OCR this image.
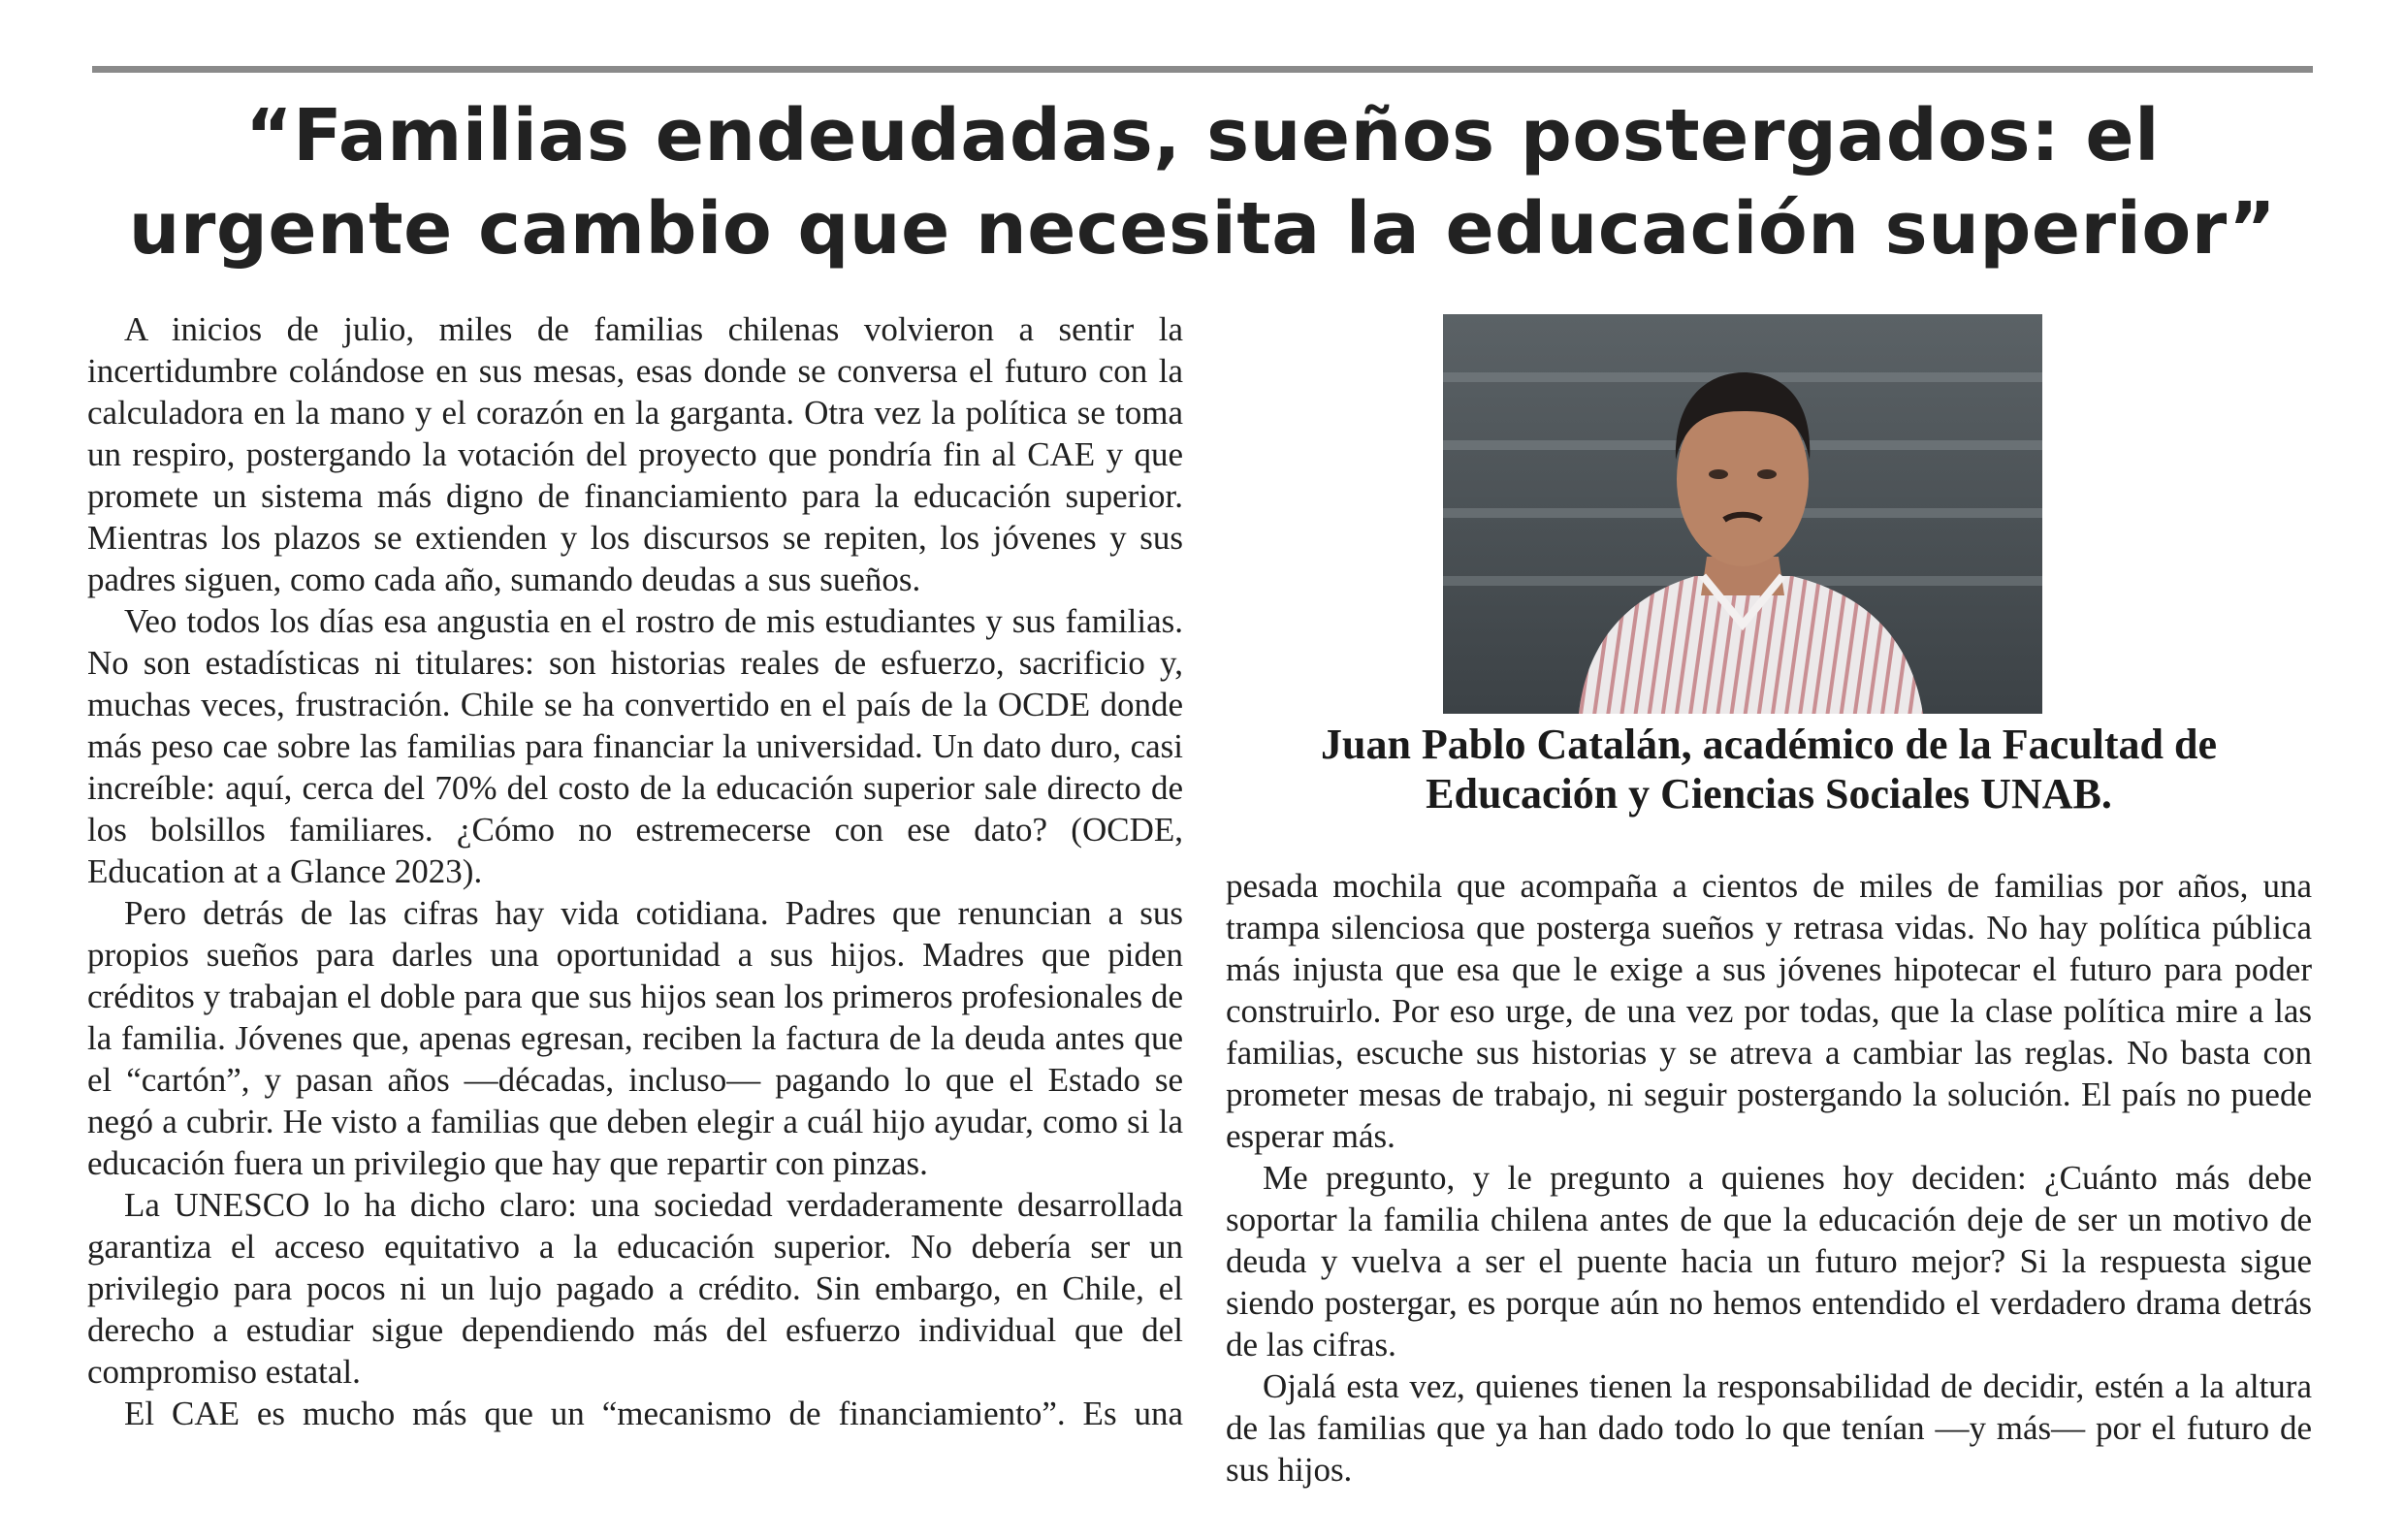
“Familias endeudadas, sueños postergados: el urgente cambio que necesita la educación superior”

A inicios de julio, miles de familias chilenas volvieron a sentir la incertidumbre colándose en sus mesas, esas donde se conversa el futuro con la calculadora en la mano y el corazón en la garganta. Otra vez la política se toma un respiro, postergando la votación del proyecto que pondría fin al CAE y que promete un sistema más digno de financiamiento para la educación superior. Mientras los plazos se extienden y los discursos se repiten, los jóvenes y sus padres siguen, como cada año, sumando deudas a sus sueños.

Veo todos los días esa angustia en el rostro de mis estudiantes y sus familias. No son estadísticas ni titulares: son historias reales de esfuerzo, sacrificio y, muchas veces, frustración. Chile se ha convertido en el país de la OCDE donde más peso cae sobre las familias para financiar la universidad. Un dato duro, casi increíble: aquí, cerca del 70% del costo de la educación superior sale directo de los bolsillos familiares. ¿Cómo no estremecerse con ese dato? (OCDE, Education at a Glance 2023).

Pero detrás de las cifras hay vida cotidiana. Padres que renuncian a sus propios sueños para darles una oportunidad a sus hijos. Madres que piden créditos y trabajan el doble para que sus hijos sean los primeros profesionales de la familia. Jóvenes que, apenas egresan, reciben la factura de la deuda antes que el “cartón”, y pasan años —décadas, incluso— pagando lo que el Estado se negó a cubrir. He visto a familias que deben elegir a cuál hijo ayudar, como si la educación fuera un privilegio que hay que repartir con pinzas.

La UNESCO lo ha dicho claro: una sociedad verdaderamente desarrollada garantiza el acceso equitativo a la educación superior. No debería ser un privilegio para pocos ni un lujo pagado a crédito. Sin embargo, en Chile, el derecho a estudiar sigue dependiendo más del esfuerzo individual que del compromiso estatal.

El CAE es mucho más que un “mecanismo de financiamiento”. Es una

Juan Pablo Catalán, académico de la Facultad de Educación y Ciencias Sociales UNAB.

pesada mochila que acompaña a cientos de miles de familias por años, una trampa silenciosa que posterga sueños y retrasa vidas. No hay política pública más injusta que esa que le exige a sus jóvenes hipotecar el futuro para poder construirlo. Por eso urge, de una vez por todas, que la clase política mire a las familias, escuche sus historias y se atreva a cambiar las reglas. No basta con prometer mesas de trabajo, ni seguir postergando la solución. El país no puede esperar más.

Me pregunto, y le pregunto a quienes hoy deciden: ¿Cuánto más debe soportar la familia chilena antes de que la educación deje de ser un motivo de deuda y vuelva a ser el puente hacia un futuro mejor? Si la respuesta sigue siendo postergar, es porque aún no hemos entendido el verdadero drama detrás de las cifras.

Ojalá esta vez, quienes tienen la responsabilidad de decidir, estén a la altura de las familias que ya han dado todo lo que tenían —y más— por el futuro de sus hijos.
